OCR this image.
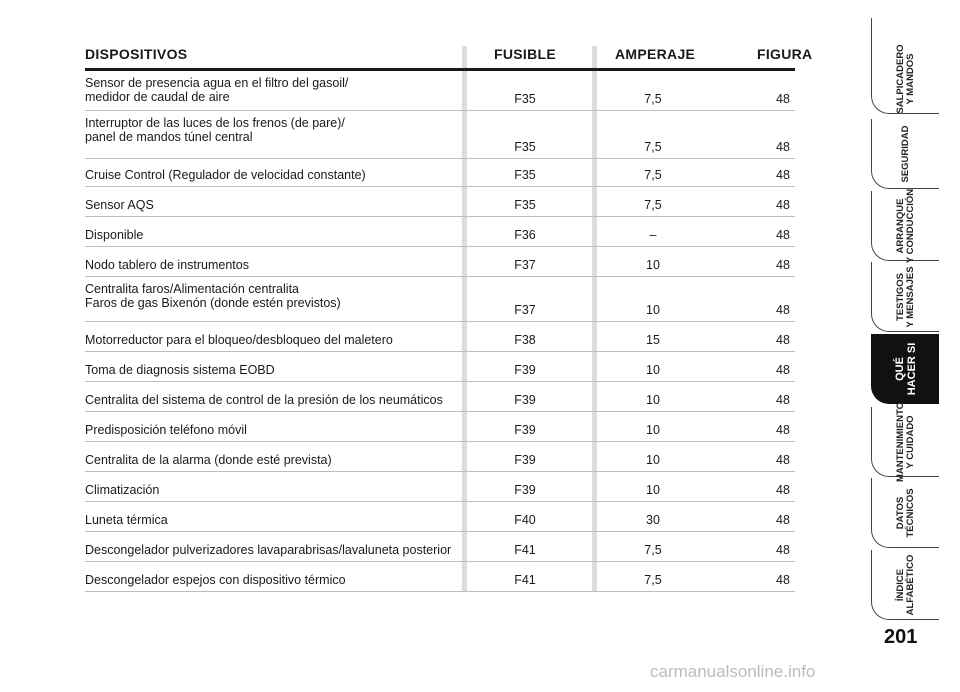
DISPOSITIVOS	FUSIBLE	AMPERAJE	FIGURA
Sensor de presencia agua en el filtro del gasoil/
medidor de caudal de aire	F35	7,5	48
Interruptor de las luces de los frenos (de pare)/
panel de mandos túnel central
F35	7,5	48
Cruise Control (Regulador de velocidad constante)	F35	7,5	48
Sensor AQS	F35	7,5	48
Disponible	F36	–	48
Nodo tablero de instrumentos	F37	10	48
Centralita faros/Alimentación centralita
Faros de gas Bixenón (donde estén previstos)	F37	10	48
Motorreductor para el bloqueo/desbloqueo del maletero	F38	15	48
Toma de diagnosis sistema EOBD	F39	10	48
Centralita del sistema de control de la presión de los neumáticos	F39	10	48
Predisposición teléfono móvil	F39	10	48
Centralita de la alarma (donde esté prevista)	F39	10	48
Climatización	F39	10	48
Luneta térmica	F40	30	48
Descongelador pulverizadores lavaparabrisas/lavaluneta posterior	F41	7,5	48
Descongelador espejos con dispositivo térmico	F41	7,5	48
SALPICADERO Y MANDOS
SEGURIDAD
ARRANQUE Y CONDUCCIÓN
TESTIGOS Y MENSAJES
QUÉ HACER SI
MANTENIMIENTO Y CUIDADO
DATOS TÉCNICOS
ÍNDICE ALFABÉTICO
201
carmanualsonline.info
